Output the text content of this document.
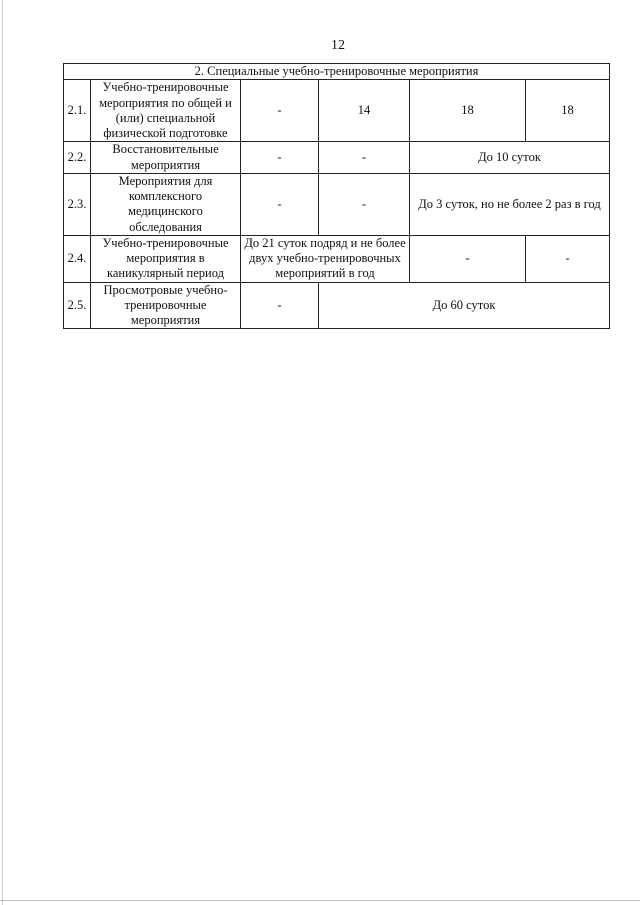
12
2. Специальные учебно-тренировочные мероприятия					
2.1.	Учебно-тренировочные мероприятия по общей и (или) специальной физической подготовке	-	14	18	18
2.2.	Восстановительные мероприятия	-	-	До 10 суток	
2.3.	Мероприятия для комплексного медицинского обследования	-	-	До 3 суток, но не более 2 раз в год	
2.4.	Учебно-тренировочные мероприятия в каникулярный период	До 21 суток подряд и не более двух учебно-тренировочных мероприятий в год		-	-
2.5.	Просмотровые учебно-тренировочные мероприятия	-	До 60 суток		
